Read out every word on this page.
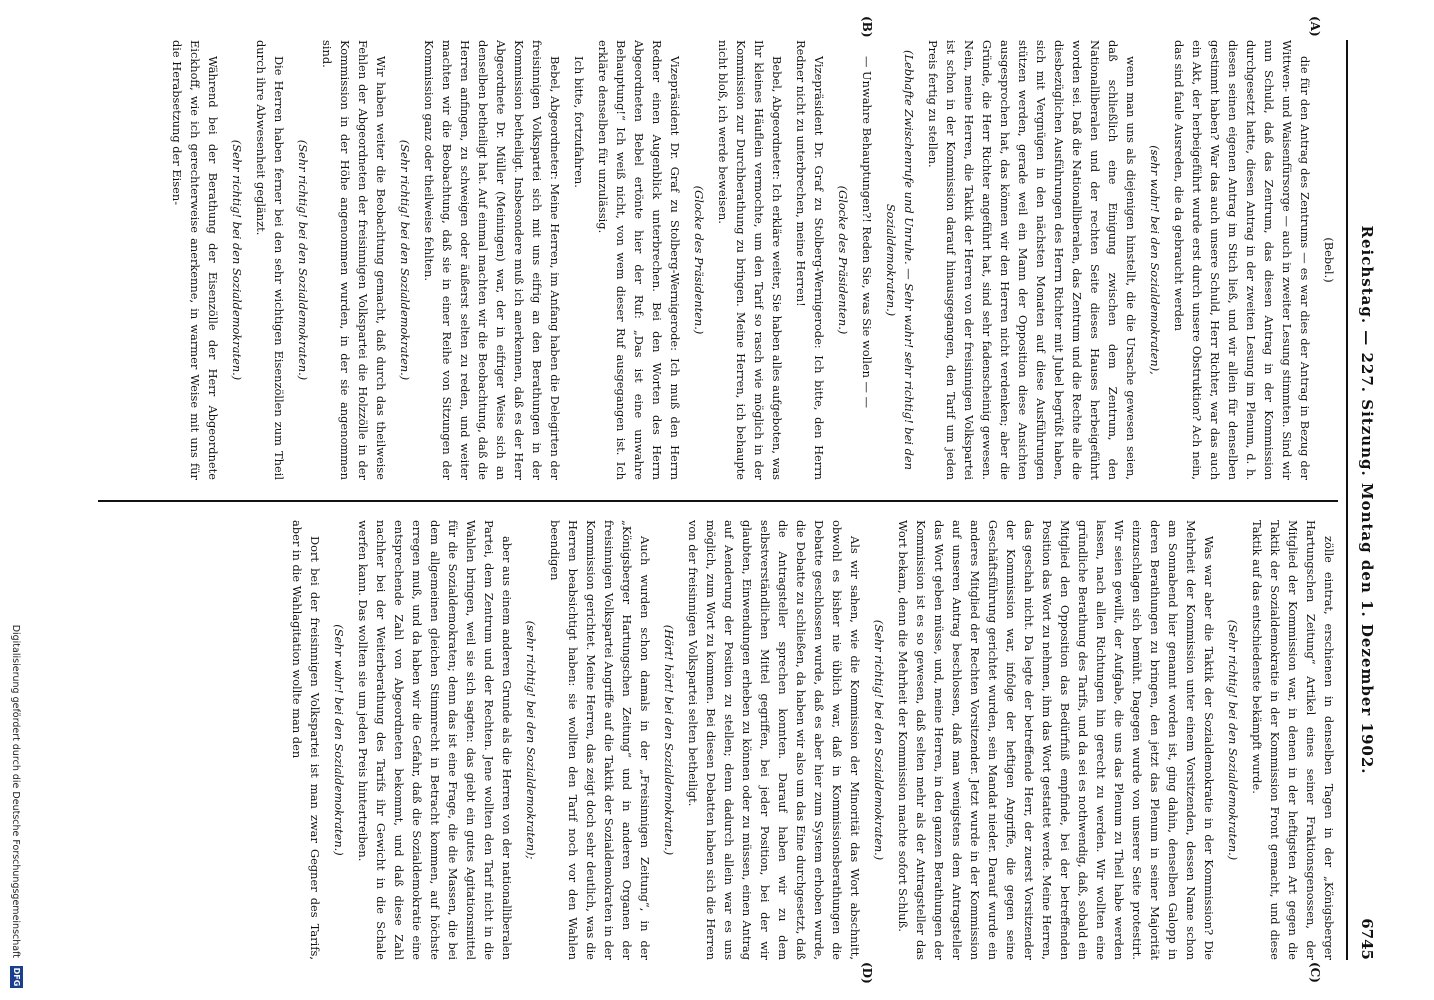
Reichstag. — 227. Sitzung. Montag den 1. Dezember 1902.
6745
(A)
(B)
(C)
(D)

(Bebel.)

die für den Antrag des Zentrums — es war dies der Antrag in Bezug der Wittwen- und Waisenfürsorge — auch in zweiter Lesung stimmten. Sind wir nun Schuld, daß das Zentrum, das diesen Antrag in der Kommission durchgesetzt hatte, diesen Antrag in der zweiten Lesung im Plenum, d. h. diesen seinen eigenen Antrag im Stich ließ, und wir allein für denselben gestimmt haben? War das auch unsere Schuld, Herr Richter, war das auch ein Akt, der herbeigeführt wurde erst durch unsere Obstruktion? Ach nein, das sind faule Ausreden, die da gebraucht werden

(sehr wahr! bei den Sozialdemokraten),

wenn man uns als diejenigen hinstellt, die die Ursache gewesen seien, daß schließlich eine Einigung zwischen dem Zentrum, den Nationalliberalen und der rechten Seite dieses Hauses herbeigeführt worden sei. Daß die Nationalliberalen, das Zentrum und die Rechte alle die diesbezüglichen Ausführungen des Herrn Richter mit Jubel begrüßt haben, sich mit Vergnügen in den nächsten Monaten auf diese Ausführungen stützen werden, gerade weil ein Mann der Opposition diese Ansichten ausgesprochen hat, das können wir den Herren nicht verdenken; aber die Gründe, die Herr Richter angeführt hat, sind sehr fadenscheinig gewesen. Nein, meine Herren, die Taktik der Herren von der freisinnigen Volkspartei ist schon in der Kommission darauf hinausgegangen, den Tarif um jeden Preis fertig zu stellen.

(Lebhafte Zwischenrufe und Unruhe. — Sehr wahr! sehr richtig! bei den Sozialdemokraten.)

— Unwahre Behauptungen?! Reden Sie, was Sie wollen — —

(Glocke des Präsidenten.)

Vizepräsident Dr. Graf zu Stolberg-Wernigerode: Ich bitte, den Herrn Redner nicht zu unterbrechen, meine Herren!

Bebel, Abgeordneter: Ich erkläre weiter, Sie haben alles aufgeboten, was Ihr kleines Häuflein vermochte, um den Tarif so rasch wie möglich in der Kommission zur Durchberathung zu bringen. Meine Herren, ich behaupte nicht bloß, ich werde beweisen.

(Glocke des Präsidenten.)

Vizepräsident Dr. Graf zu Stolberg-Wernigerode: Ich muß den Herrn Redner einen Augenblick unterbrechen. Bei den Worten des Herrn Abgeordneten Bebel ertönte hier der Ruf: „Das ist eine unwahre Behauptung!“ Ich weiß nicht, von wem dieser Ruf ausgegangen ist. Ich erkläre denselben für unzulässig.

Ich bitte, fortzufahren.

Bebel, Abgeordneter: Meine Herren, im Anfang haben die Delegirten der freisinnigen Volkspartei sich mit uns eifrig an den Berathungen in der Kommission betheiligt. Insbesondere muß ich anerkennen, daß es der Herr Abgeordnete Dr. Müller (Meiningen) war, der in eifriger Weise sich an denselben betheiligt hat. Auf einmal machten wir die Beobachtung, daß die Herren anfingen, zu schweigen oder äußerst selten zu reden, und weiter machten wir die Beobachtung, daß sie in einer Reihe von Sitzungen der Kommission ganz oder theilweise fehlten.

(Sehr richtig! bei den Sozialdemokraten.)

Wir haben weiter die Beobachtung gemacht, daß durch das theilweise Fehlen der Abgeordneten der freisinnigen Volkspartei die Holzzölle in der Kommission in der Höhe angenommen wurden, in der sie angenommen sind.

(Sehr richtig! bei den Sozialdemokraten.)

Die Herren haben ferner bei den sehr wichtigen Eisenzöllen zum Theil durch ihre Abwesenheit geglänzt.

(Sehr richtig! bei den Sozialdemokraten.)

Während bei der Berathung der Eisenzölle der Herr Abgeordnete Eickhoff, wie ich gerechterweise anerkenne, in warmer Weise mit uns für die Herabsetzung der Eisen-

zölle eintrat, erschienen in denselben Tagen in der „Königsberger Hartungschen Zeitung“ Artikel eines seiner Fraktionsgenossen, der Mitglied der Kommission war, in denen in der heftigsten Art gegen die Taktik der Sozialdemokratie in der Kommission Front gemacht, und diese Taktik auf das entschiedenste bekämpft wurde.

(Sehr richtig! bei den Sozialdemokraten.)

Was war aber die Taktik der Sozialdemokratie in der Kommission? Die Mehrheit der Kommission unter einem Vorsitzenden, dessen Name schon am Sonnabend hier genannt worden ist, ging dahin, denselben Galopp in deren Berathungen zu bringen, den jetzt das Plenum in seiner Majorität einzuschlagen sich bemüht. Dagegen wurde von unserer Seite protestirt. Wir seien gewillt, der Aufgabe, die uns das Plenum zu Theil habe werden lassen, nach allen Richtungen hin gerecht zu werden. Wir wollten eine gründliche Berathung des Tarifs, und da sei es nothwendig, daß, sobald ein Mitglied den Opposition das Bedürfniß empfinde, bei der betreffenden Position das Wort zu nehmen, ihm das Wort gestattet werde. Meine Herren, das geschah nicht. Da legte der betreffende Herr, der zuerst Vorsitzender der Kommission war, infolge der heftigen Angriffe, die gegen seine Geschäftsführung gerichtet wurden, sein Mandat nieder. Darauf wurde ein anderes Mitglied der Rechten Vorsitzender. Jetzt wurde in der Kommission auf unseren Antrag beschlossen, daß man wenigstens dem Antragsteller das Wort geben müsse, und, meine Herren, in den ganzen Berathungen der Kommission ist es so gewesen, daß selten mehr als der Antragsteller das Wort bekam, denn die Mehrheit der Kommission machte sofort Schluß.

(Sehr richtig! bei den Sozialdemokraten.)

Als wir sahen, wie die Kommission der Minorität das Wort abschnitt, obwohl es bisher nie üblich war, daß in Kommissionsberathungen die Debatte geschlossen wurde, daß es aber hier zum System erhoben wurde, die Debatte zu schließen, da haben wir also um das Eine durchgesetzt, daß die Antragsteller sprechen konnten. Darauf haben wir zu dem selbstverständlichen Mittel gegriffen, bei jeder Position, bei der wir glaubten, Einwendungen erheben zu können oder zu müssen, einen Antrag auf Aenderung der Position zu stellen; denn dadurch allein war es uns möglich, zum Wort zu kommen. Bei diesen Debatten haben sich die Herren von der freisinnigen Volkspartei selten betheiligt.

(Hört! hört! bei den Sozialdemokraten.)

Auch wurden schon damals in der „Freisinnigen Zeitung“, in der „Königsberger Hartungschen Zeitung“ und in anderen Organen der freisinnigen Volkspartei Angriffe auf die Taktik der Sozialdemokraten in der Kommission gerichtet. Meine Herren, das zeigt doch sehr deutlich, was die Herren beabsichtigt haben: sie wollten den Tarif noch vor den Wahlen beendigen

(sehr richtig! bei den Sozialdemokraten);

aber aus einem anderen Grunde als die Herren von der nationalliberalen Partei, dem Zentrum und der Rechten. Jene wollten den Tarif nicht in die Wahlen bringen, weil sie sich sagten: das giebt ein gutes Agitationsmittel für die Sozialdemokraten; denn das ist eine Frage, die die Massen, die bei dem allgemeinen gleichen Stimmrecht in Betracht kommen, auf höchste erregen muß, und da haben wir die Gefahr, daß die Sozialdemokratie eine entsprechende Zahl von Abgeordneten bekommt, und daß diese Zahl nachher bei der Weiterberathung des Tarifs ihr Gewicht in die Schale werfen kann. Das wollten sie um jeden Preis hintertreiben.

(Sehr wahr! bei den Sozialdemokraten.)

Dort bei der freisinnigen Volkspartei ist man zwar Gegner des Tarifs, aber in die Wahlagitation wollte man den

Digitalisierung gefördert durch die Deutsche Forschungsgemeinschaft
DFG
